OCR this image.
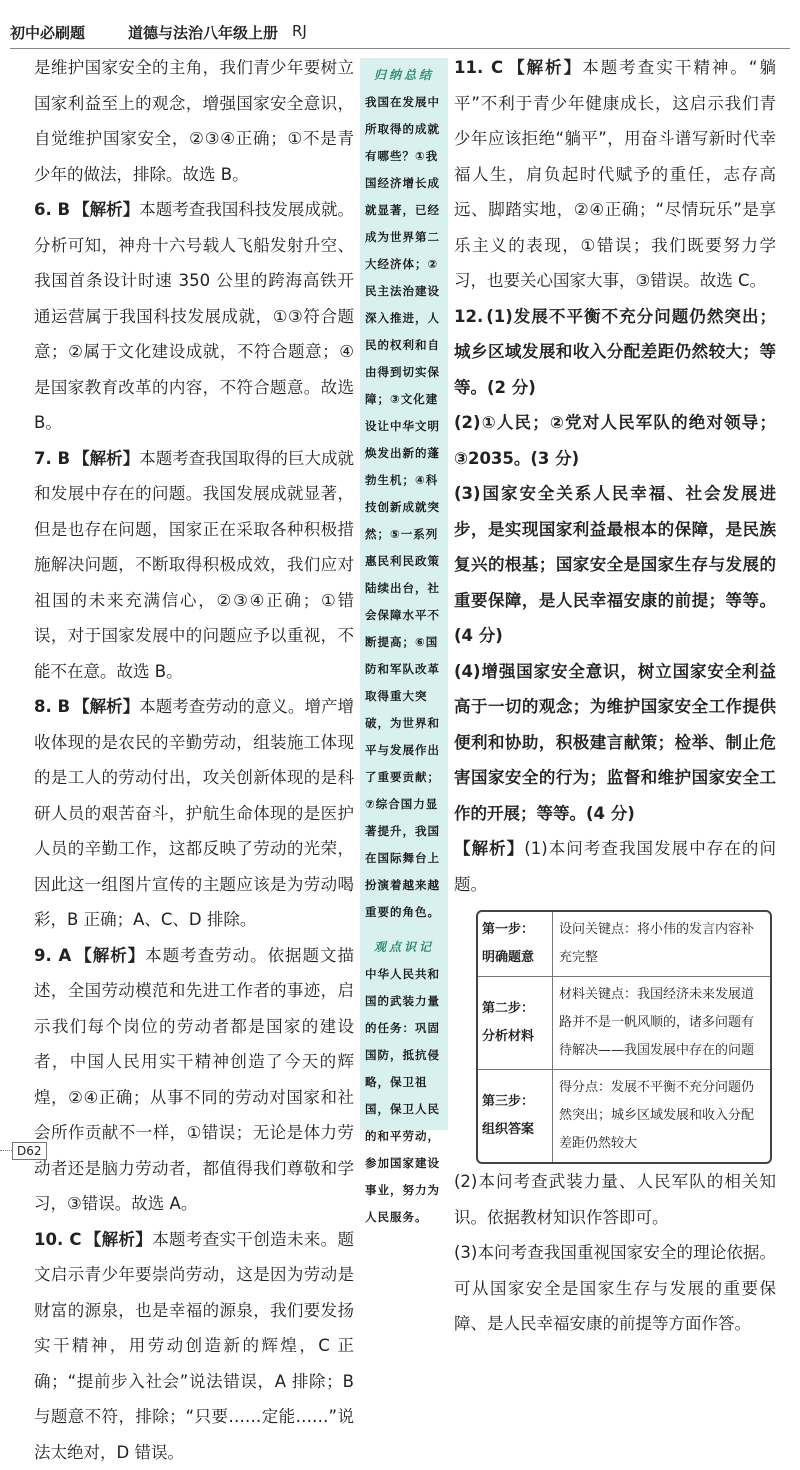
初中必刷题	道德与法治八年级上册 RJ

是维护国家安全的主角，我们青少年要树立国家利益至上的观念，增强国家安全意识，自觉维护国家安全，②③④正确；①不是青少年的做法，排除。故选 B。

6. B 【解析】本题考查我国科技发展成就。分析可知，神舟十六号载人飞船发射升空、我国首条设计时速 350 公里的跨海高铁开通运营属于我国科技发展成就，①③符合题意；②属于文化建设成就，不符合题意；④是国家教育改革的内容，不符合题意。故选 B。

7. B 【解析】本题考查我国取得的巨大成就和发展中存在的问题。我国发展成就显著，但是也存在问题，国家正在采取各种积极措施解决问题，不断取得积极成效，我们应对祖国的未来充满信心，②③④正确；①错误，对于国家发展中的问题应予以重视，不能不在意。故选 B。

8. B 【解析】本题考查劳动的意义。增产增收体现的是农民的辛勤劳动，组装施工体现的是工人的劳动付出，攻关创新体现的是科研人员的艰苦奋斗，护航生命体现的是医护人员的辛勤工作，这都反映了劳动的光荣，因此这一组图片宣传的主题应该是为劳动喝彩，B 正确；A、C、D 排除。

9. A 【解析】本题考查劳动。依据题文描述，全国劳动模范和先进工作者的事迹，启示我们每个岗位的劳动者都是国家的建设者，中国人民用实干精神创造了今天的辉煌，②④正确；从事不同的劳动对国家和社会所作贡献不一样，①错误；无论是体力劳动者还是脑力劳动者，都值得我们尊敬和学习，③错误。故选 A。

10. C 【解析】本题考查实干创造未来。题文启示青少年要崇尚劳动，这是因为劳动是财富的源泉，也是幸福的源泉，我们要发扬实干精神，用劳动创造新的辉煌，C 正确；“提前步入社会”说法错误，A 排除；B 与题意不符，排除；“只要……定能……”说法太绝对，D 错误。

归纳总结
我国在发展中所取得的成就有哪些？①我国经济增长成就显著，已经成为世界第二大经济体；②民主法治建设深入推进，人民的权利和自由得到切实保障；③文化建设让中华文明焕发出新的蓬勃生机；④科技创新成就突然；⑤一系列惠民利民政策陆续出台，社会保障水平不断提高；⑥国防和军队改革取得重大突破，为世界和平与发展作出了重要贡献；⑦综合国力显著提升，我国在国际舞台上扮演着越来越重要的角色。
观点识记
中华人民共和国的武装力量的任务：巩固国防，抵抗侵略，保卫祖国，保卫人民的和平劳动，参加国家建设事业，努力为人民服务。

11. C 【解析】本题考查实干精神。“躺平”不利于青少年健康成长，这启示我们青少年应该拒绝“躺平”，用奋斗谱写新时代幸福人生，肩负起时代赋予的重任，志存高远、脚踏实地，②④正确；“尽情玩乐”是享乐主义的表现，①错误；我们既要努力学习，也要关心国家大事，③错误。故选 C。

12. (1)发展不平衡不充分问题仍然突出；城乡区域发展和收入分配差距仍然较大；等等。(2 分)

(2)①人民；②党对人民军队的绝对领导；③2035。(3 分)

(3)国家安全关系人民幸福、社会发展进步，是实现国家利益最根本的保障，是民族复兴的根基；国家安全是国家生存与发展的重要保障，是人民幸福安康的前提；等等。(4 分)

(4)增强国家安全意识，树立国家安全利益高于一切的观念；为维护国家安全工作提供便利和协助，积极建言献策；检举、制止危害国家安全的行为；监督和维护国家安全工作的开展；等等。(4 分)

【解析】(1)本问考查我国发展中存在的问题。

第一步：
明确题意
设问关键点：将小伟的发言内容补充完整
第二步：
分析材料
材料关键点：我国经济未来发展道路并不是一帆风顺的，诸多问题有待解决——我国发展中存在的问题
第三步：
组织答案
得分点：发展不平衡不充分问题仍然突出；城乡区域发展和收入分配差距仍然较大

(2)本问考查武装力量、人民军队的相关知识。依据教材知识作答即可。

(3)本问考查我国重视国家安全的理论依据。可从国家安全是国家生存与发展的重要保障、是人民幸福安康的前提等方面作答。

D62
